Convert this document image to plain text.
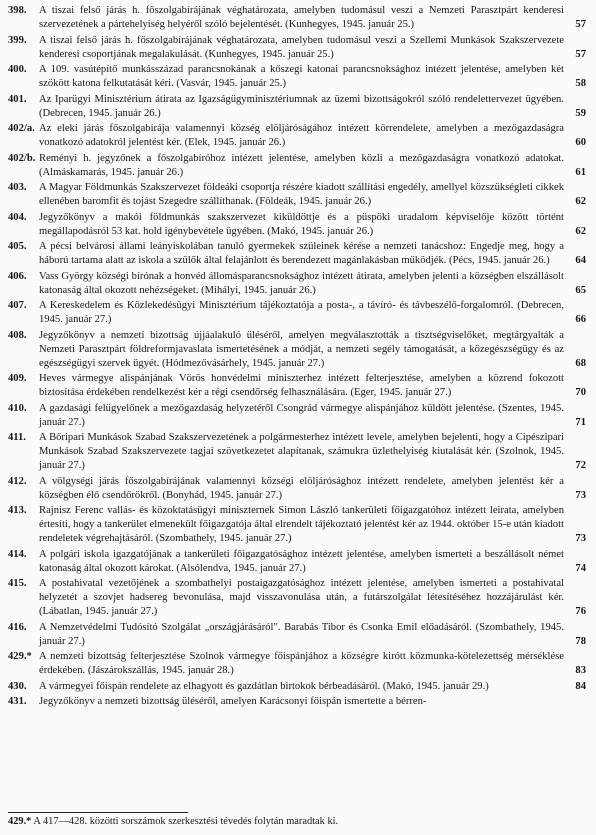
398.	A tiszai felső járás h. főszolgabírájának véghatározata, amelyben tudomásul veszi a Nemzeti Parasztpárt kenderesi szervezetének a pártehelyiség helyéről szóló bejelentését. (Kunhegyes, 1945. január 25.)	57
399.	A tiszai felső járás h. főszolgabírájának véghatározata, amelyben tudomásul veszi a Szellemi Munkások Szakszervezete kenderesi csoportjának megalakulását. (Kunhegyes, 1945. január 25.)	57
400.	A 109. vasútépítő munkásszázad parancsnokának a kőszegi katonai parancsnoksághoz intézett jelentése, amelyben két szökött katona felkutatását kéri. (Vasvár, 1945. január 25.)	58
401.	Az Iparügyi Minisztérium átirata az Igazságügyminisztériumnak az üzemi bizottságokról szóló rendelettervezet ügyében. (Debrecen, 1945. január 26.)	59
402/a. Az eleki járás főszolgabírája valamennyi község elöljáróságához intézett körrendelete, amelyben a mezőgazdaságra vonatkozó adatokról jelentést kér. (Elek, 1945. január 26.)	60
402/b. Reményi h. jegyzőnek a főszolgabíróhoz intézett jelentése, amelyben közli a mezőgazdaságra vonatkozó adatokat. (Almáskamarás, 1945. január 26.)	61
403.	A Magyar Földmunkás Szakszervezet földeáki csoportja részére kiadott szállítási engedély, amellyel közszükségleti cikkek ellenében baromfit és tojást Szegedre szállíthanak. (Földeák, 1945. január 26.)	62
404.	Jegyzőkönyv a makói földmunkás szakszervezet kiküldöttje és a püspöki uradalom képviselője között történt megállapodásról 53 kat. hold igénybevétele ügyében. (Makó, 1945. január 26.)	62
405.	A pécsi belvárosi állami leányiskolában tanuló gyermekek szüleinek kérése a nemzeti tanácshoz: Engedje meg, hogy a háború tartama alatt az iskola a szülők által felajánlott és berendezett magánlakásban működjék. (Pécs, 1945. január 26.)	64
406.	Vass György községi bírónak a honvéd állomásparancsnoksághoz intézett átirata, amelyben jelenti a községben elszállásolt katonaság által okozott nehézségeket. (Mihályi, 1945. január 26.)	65
407.	A Kereskedelem és Közlekedésügyi Minisztérium tájékoztatója a posta-, a távíró- és távbeszélő-forgalomról. (Debrecen, 1945. január 27.)	66
408.	Jegyzőkönyv a nemzeti bizottság újjáalakuló üléséről, amelyen megválasztották a tisztségviselőket, megtárgyalták a Nemzeti Parasztpárt földreformjavaslata ismertetésének a módját, a nemzeti segély támogatását, a közegészségügy és az egészségügyi szervek ügyét. (Hódmezővásárhely, 1945. január 27.)	68
409.	Heves vármegye alispánjának Vörös honvédelmi miniszterhez intézett felterjesztése, amelyben a közrend fokozott biztosítása érdekében rendelkezést kér a régi csendőrség felhasználására. (Eger, 1945. január 27.)	70
410.	A gazdasági felügyelőnek a mezőgazdaság helyzetéről Csongrád vármegye alispánjához küldött jelentése. (Szentes, 1945. január 27.)	71
411.	A Bőripari Munkások Szabad Szakszervezetének a polgármesterhez intézett levele, amelyben bejelenti, hogy a Cipészipari Munkások Szabad Szakszervezete tagjai szövetkezetet alapítanak, számukra üzlethelyiség kiutalását kér. (Szolnok, 1945. január 27.)	72
412.	A völgységi járás főszolgabírájának valamennyi községi elöljárósághoz intézett rendelete, amelyben jelentést kér a községben élő csendőrökről. (Bonyhád, 1945. január 27.)	73
413.	Rajnisz Ferenc vallás- és közoktatásügyi miniszternek Simon László tankerületi főigazgatóhoz intézett leirata, amelyben értesíti, hogy a tankerület elmenekült főigazgatója által elrendelt tájékoztató jelentést kér az 1944. október 15-e után kiadott rendeletek végrehajtásáról. (Szombathely, 1945. január 27.)	73
414.	A polgári iskola igazgatójának a tankerületi főigazgatósághoz intézett jelentése, amelyben ismerteti a beszállásolt német katonaság által okozott károkat. (Alsólendva, 1945. január 27.)	74
415.	A postahivatal vezetőjének a szombathelyi postaigazgatósághoz intézett jelentése, amelyben ismerteti a postahivatal helyzetét a szovjet hadsereg bevonulása, majd visszavonulása után, a futárszolgálat létesítéséhez hozzájárulást kér. (Lábatlan, 1945. január 27.)	76
416.	A Nemzetvédelmi Tudósító Szolgálat „országjárásáról". Barabás Tibor és Csonka Emil előadásáról. (Szombathely, 1945. január 27.)	78
429.* A nemzeti bizottság felterjesztése Szolnok vármegye főispánjához a községre kirótt közmunka-kötelezettség mérséklése érdekében. (Jászárokszállás, 1945. január 28.)	83
430.	A vármegyei főispán rendelete az elhagyott és gazdátlan birtokok bérbeadásáról. (Makó, 1945. január 29.)	84
431.	Jegyzőkönyv a nemzeti bizottság üléséről, amelyen Karácsonyi főispán ismertette a bérren-
429.* A 417—428. közötti sorszámok szerkesztési tévedés folytán maradtak ki.
